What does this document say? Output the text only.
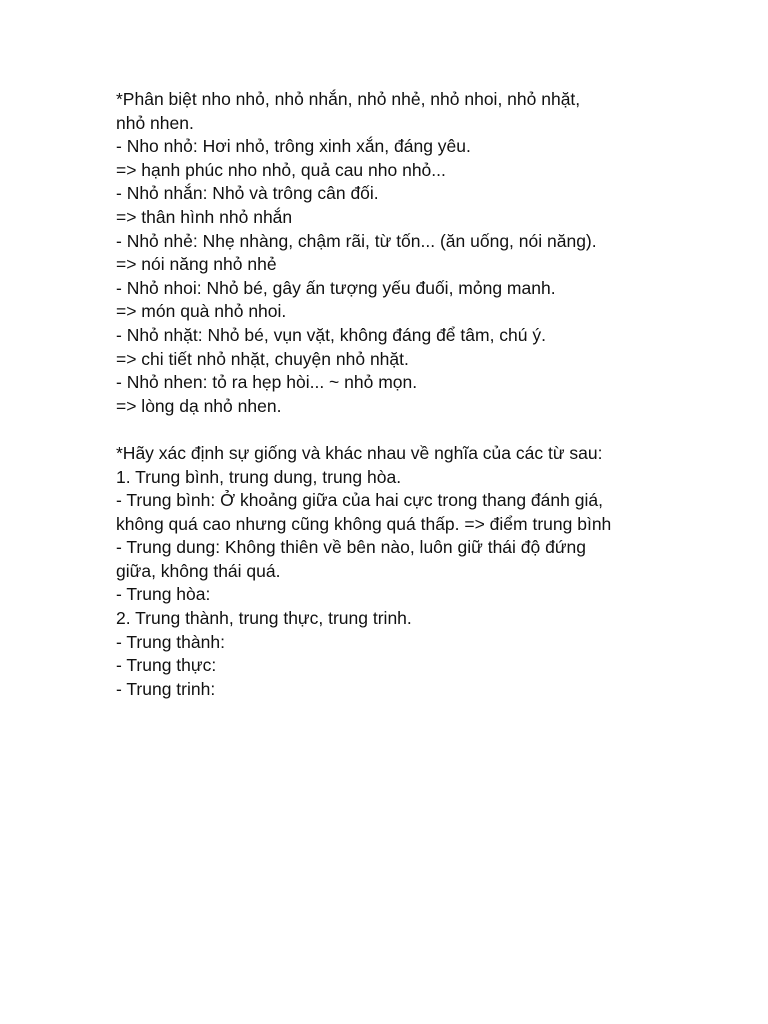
*Phân biệt nho nhỏ, nhỏ nhắn, nhỏ nhẻ, nhỏ nhoi, nhỏ nhặt,

nhỏ nhen.

- Nho nhỏ: Hơi nhỏ, trông xinh xắn, đáng yêu.

=> hạnh phúc nho nhỏ, quả cau nho nhỏ...

- Nhỏ nhắn: Nhỏ và trông cân đối.

=> thân hình nhỏ nhắn

- Nhỏ nhẻ: Nhẹ nhàng, chậm rãi, từ tốn... (ăn uống, nói năng).

=> nói năng nhỏ nhẻ

- Nhỏ nhoi: Nhỏ bé, gây ấn tượng yếu đuối, mỏng manh.

=> món quà nhỏ nhoi.

- Nhỏ nhặt: Nhỏ bé, vụn vặt, không đáng để tâm, chú ý.

=> chi tiết nhỏ nhặt, chuyện nhỏ nhặt.

- Nhỏ nhen: tỏ ra hẹp hòi... ~ nhỏ mọn.

=> lòng dạ nhỏ nhen.

*Hãy xác định sự giống và khác nhau về nghĩa của các từ sau:

1. Trung bình, trung dung, trung hòa.

- Trung bình: Ở khoảng giữa của hai cực trong thang đánh giá,

không quá cao nhưng cũng không quá thấp. => điểm trung bình

- Trung dung: Không thiên về bên nào, luôn giữ thái độ đứng

giữa, không thái quá.

- Trung hòa:

2. Trung thành, trung thực, trung trinh.

- Trung thành:

- Trung thực:

- Trung trinh:
